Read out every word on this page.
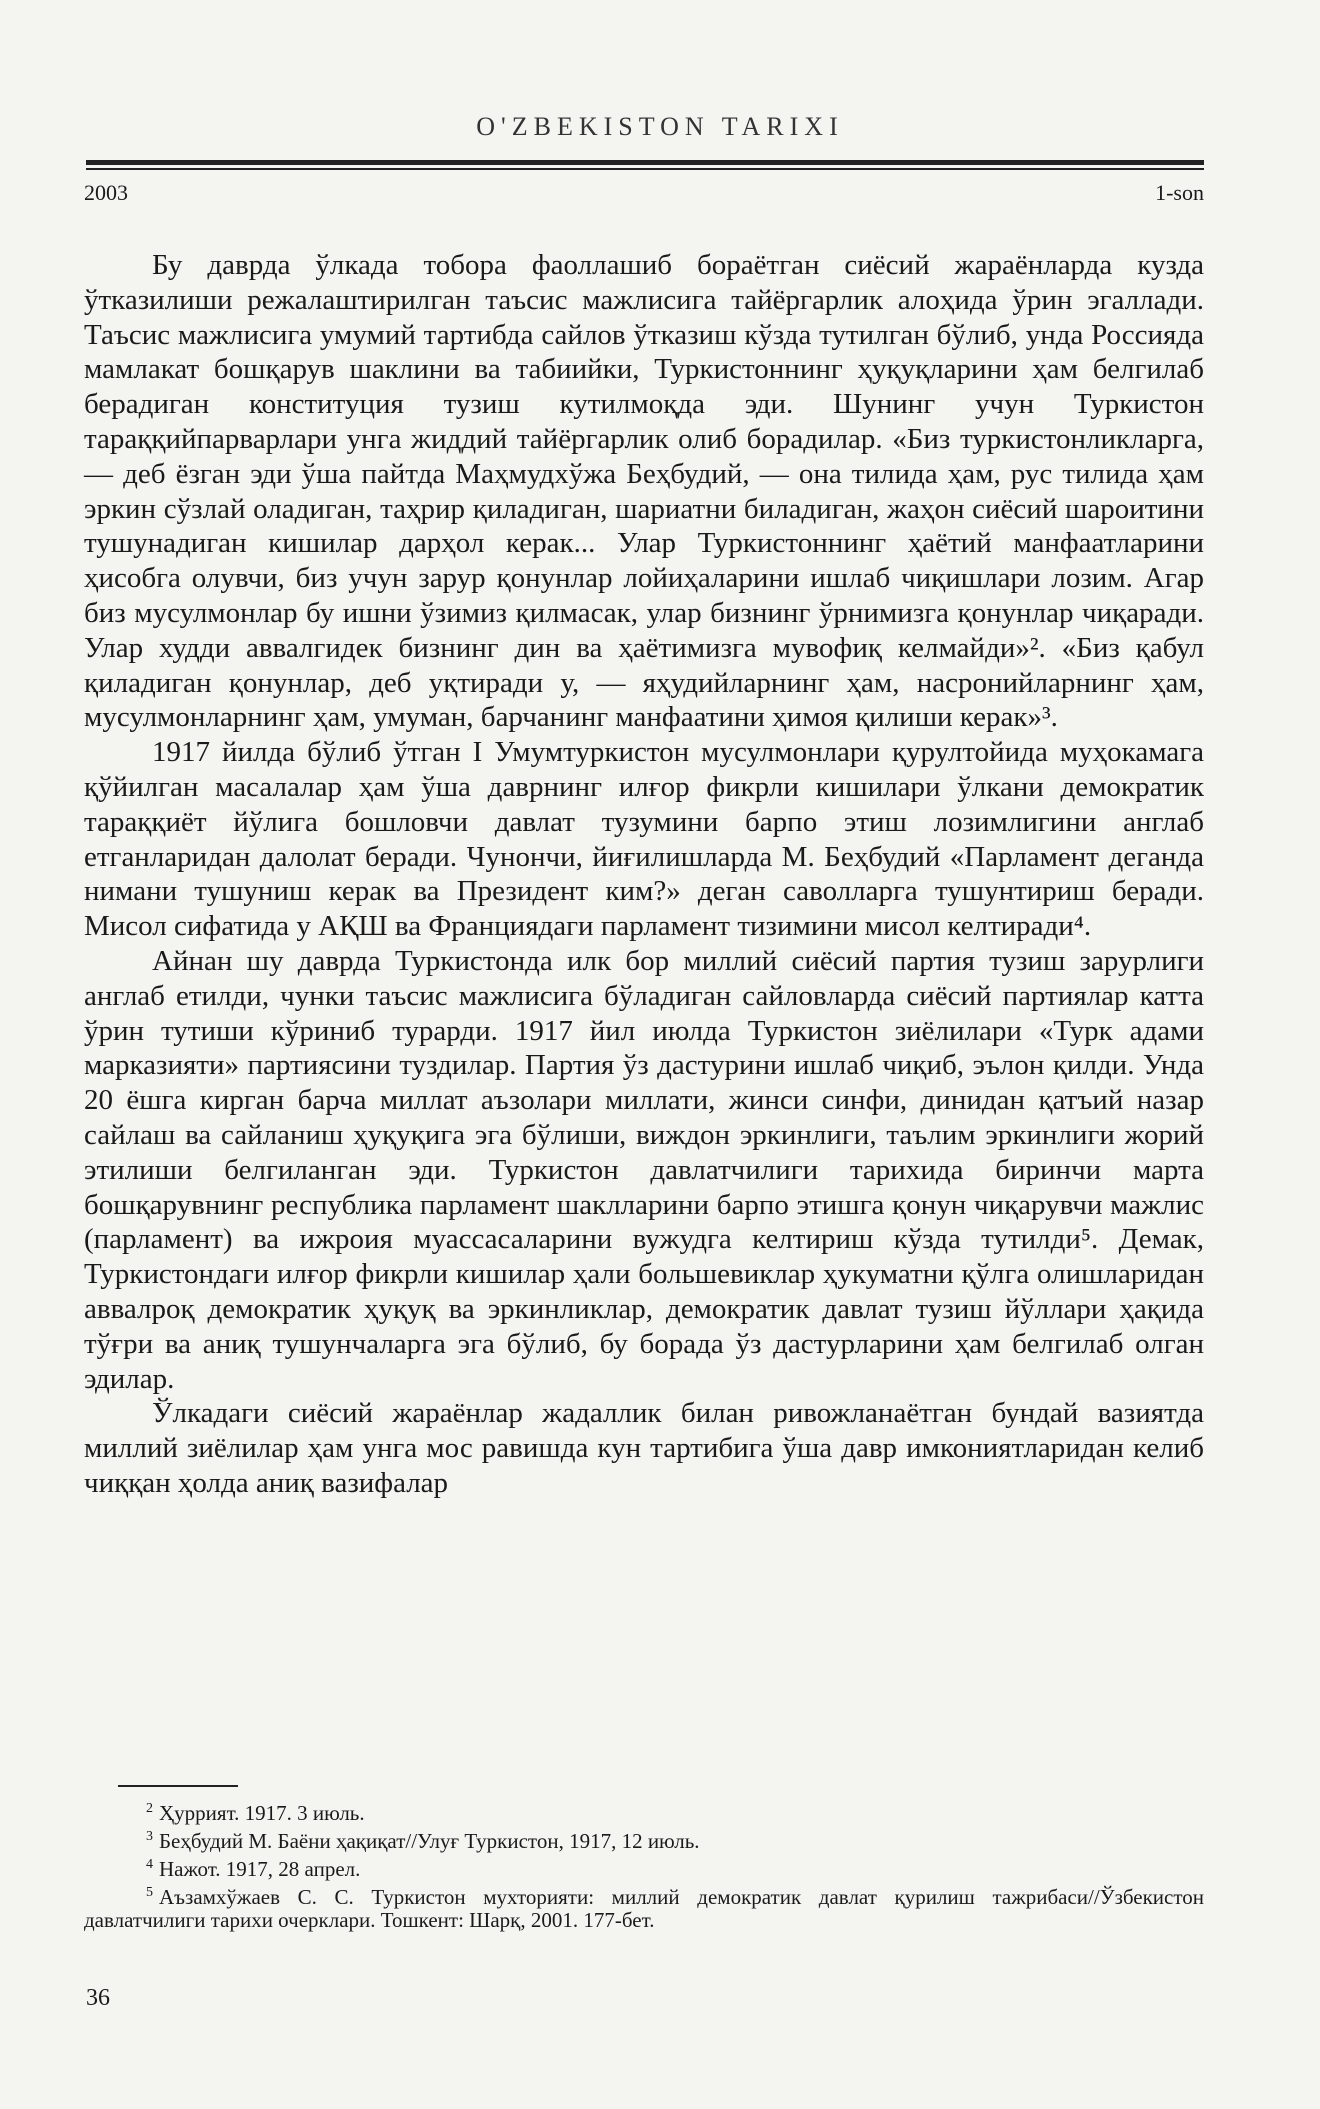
O'ZBEKISTON TARIXI
2003	1-son

Бу даврда ўлкада тобора фаоллашиб бораётган сиёсий жараёнларда кузда ўтказилиши режалаштирилган таъсис мажлисига тайёргарлик алоҳида ўрин эгаллади. Таъсис мажлисига умумий тартибда сайлов ўтказиш кўзда тутилган бўлиб, унда Россияда мамлакат бошқарув шаклини ва табиийки, Туркистоннинг ҳуқуқларини ҳам белгилаб берадиган конституция тузиш кутилмоқда эди. Шунинг учун Туркистон тараққийпарварлари унга жиддий тайёргарлик олиб борадилар. «Биз туркистонликларга, — деб ёзган эди ўша пайтда Маҳмудхўжа Беҳбудий, — она тилида ҳам, рус тилида ҳам эркин сўзлай оладиган, таҳрир қиладиган, шариатни биладиган, жаҳон сиёсий шароитини тушунадиган кишилар дарҳол керак... Улар Туркистоннинг ҳаётий манфаатларини ҳисобга олувчи, биз учун зарур қонунлар лойиҳаларини ишлаб чиқишлари лозим. Агар биз мусулмонлар бу ишни ўзимиз қилмасак, улар бизнинг ўрнимизга қонунлар чиқаради. Улар худди аввалгидек бизнинг дин ва ҳаётимизга мувофиқ келмайди»². «Биз қабул қиладиган қонунлар, деб уқтиради у, — яҳудийларнинг ҳам, насронийларнинг ҳам, мусулмонларнинг ҳам, умуман, барчанинг манфаатини ҳимоя қилиши керак»³.

1917 йилда бўлиб ўтган I Умумтуркистон мусулмонлари қурултойида муҳокамага қўйилган масалалар ҳам ўша даврнинг илғор фикрли кишилари ўлкани демократик тараққиёт йўлига бошловчи давлат тузумини барпо этиш лозимлигини англаб етганларидан далолат беради. Чунончи, йиғилишларда М. Беҳбудий «Парламент деганда нимани тушуниш керак ва Президент ким?» деган саволларга тушунтириш беради. Мисол сифатида у АҚШ ва Франциядаги парламент тизимини мисол келтиради⁴.

Айнан шу даврда Туркистонда илк бор миллий сиёсий партия тузиш зарурлиги англаб етилди, чунки таъсис мажлисига бўладиган сайловларда сиёсий партиялар катта ўрин тутиши кўриниб турарди. 1917 йил июлда Туркистон зиёлилари «Турк адами марказияти» партиясини туздилар. Партия ўз дастурини ишлаб чиқиб, эълон қилди. Унда 20 ёшга кирган барча миллат аъзолари миллати, жинси синфи, динидан қатъий назар сайлаш ва сайланиш ҳуқуқига эга бўлиши, виждон эркинлиги, таълим эркинлиги жорий этилиши белгиланган эди. Туркистон давлатчилиги тарихида биринчи марта бошқарувнинг республика парламент шаклларини барпо этишга қонун чиқарувчи мажлис (парламент) ва ижроия муассасаларини вужудга келтириш кўзда тутилди⁵. Демак, Туркистондаги илғор фикрли кишилар ҳали большевиклар ҳукуматни қўлга олишларидан аввалроқ демократик ҳуқуқ ва эркинликлар, демократик давлат тузиш йўллари ҳақида тўғри ва аниқ тушунчаларга эга бўлиб, бу борада ўз дастурларини ҳам белгилаб олган эдилар.

Ўлкадаги сиёсий жараёнлар жадаллик билан ривожланаётган бундай вазиятда миллий зиёлилар ҳам унга мос равишда кун тартибига ўша давр имкониятларидан келиб чиққан ҳолда аниқ вазифалар

$^2$ Ҳуррият. 1917. 3 июль.

$^3$ Беҳбудий М. Баёни ҳақиқат//Улуғ Туркистон, 1917, 12 июль.

$^4$ Нажот. 1917, 28 апрел.

$^5$ Аъзамхўжаев С. С. Туркистон мухторияти: миллий демократик давлат қурилиш тажрибаси//Ўзбекистон давлатчилиги тарихи очерклари. Тошкент: Шарқ, 2001. 177-бет.

36
